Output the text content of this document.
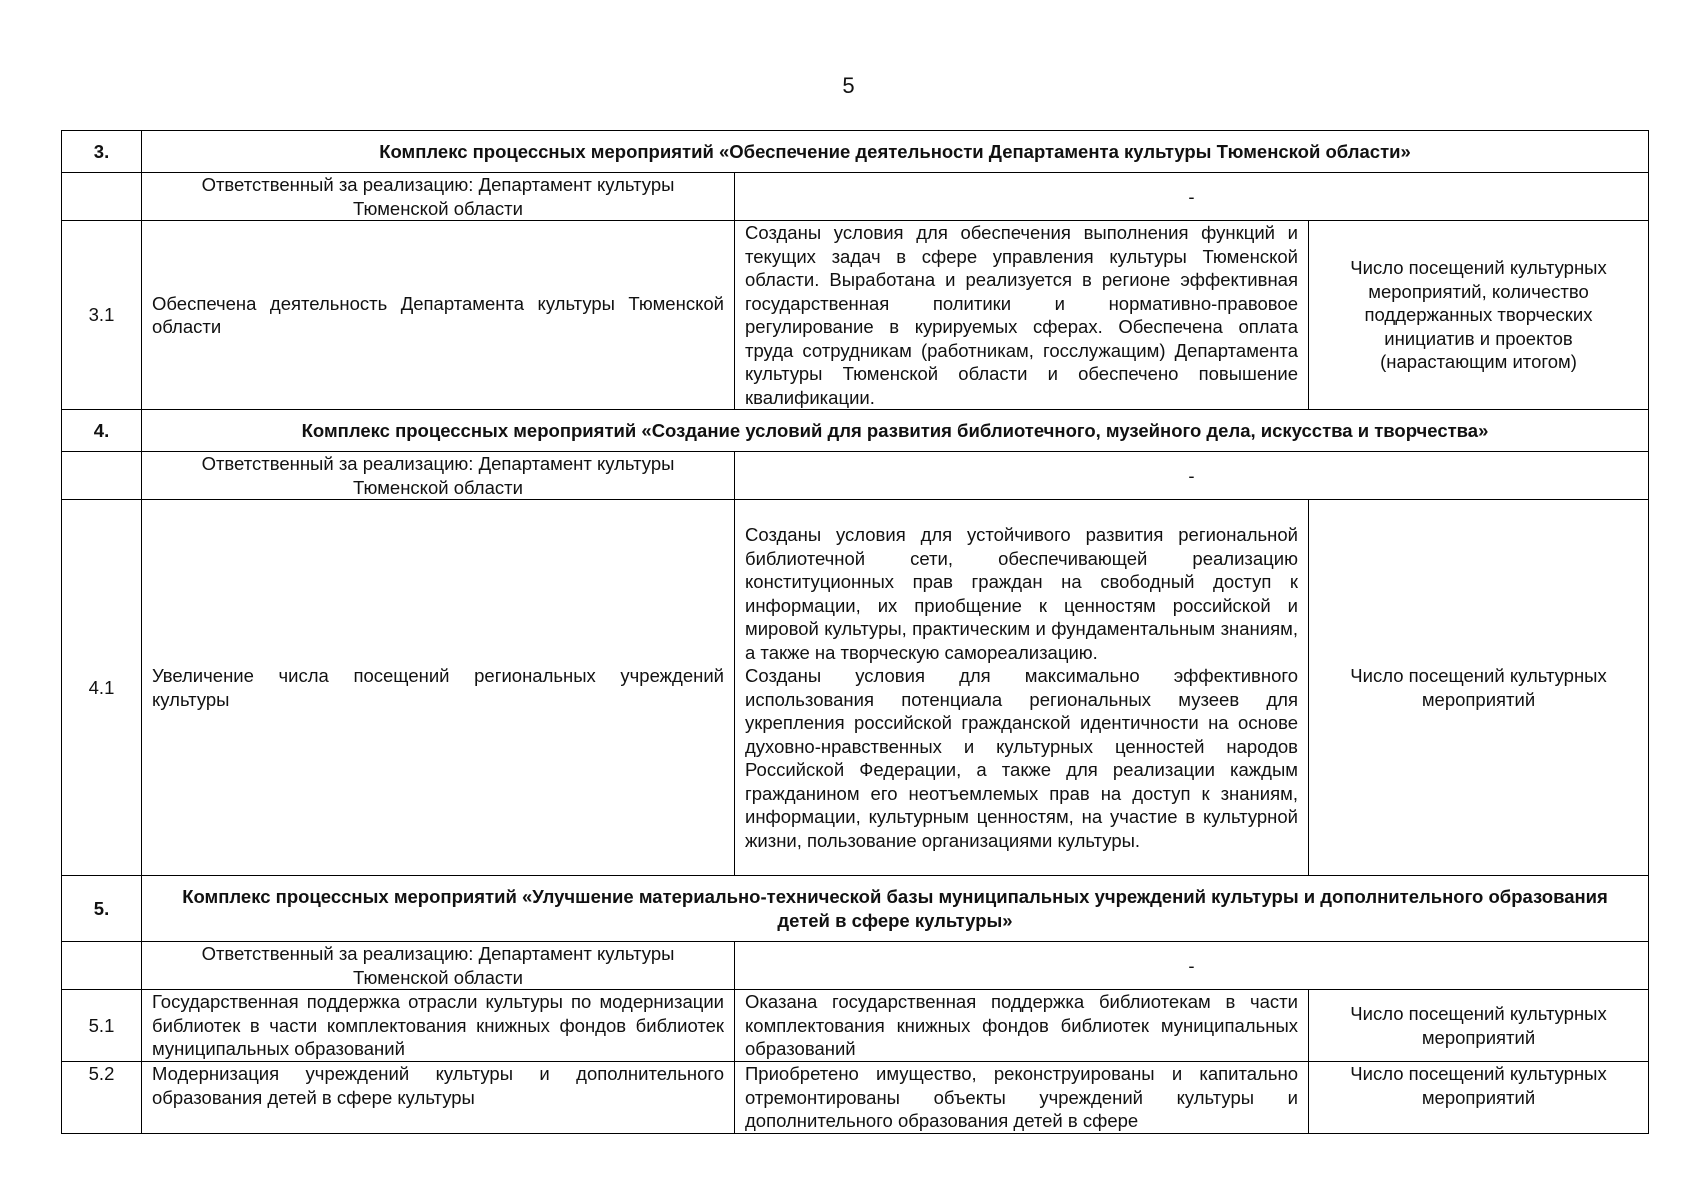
5
3.	Комплекс процессных мероприятий «Обеспечение деятельности Департамента культуры Тюменской области»		
	Ответственный за реализацию: Департамент культуры Тюменской области	-	
3.1	Обеспечена деятельность Департамента культуры Тюменской области	Созданы условия для обеспечения выполнения функций и текущих задач в сфере управления культуры Тюменской области. Выработана и реализуется в регионе эффективная государственная политики и нормативно-правовое регулирование в курируемых сферах. Обеспечена оплата труда сотрудникам (работникам, госслужащим) Департамента культуры Тюменской области и обеспечено повышение квалификации.	Число посещений культурных мероприятий, количество поддержанных творческих инициатив и проектов (нарастающим итогом)
4.	Комплекс процессных мероприятий «Создание условий для развития библиотечного, музейного дела, искусства и творчества»		
	Ответственный за реализацию: Департамент культуры Тюменской области	-	
4.1	Увеличение числа посещений региональных учреждений культуры	Созданы условия для устойчивого развития региональной библиотечной сети, обеспечивающей реализацию конституционных прав граждан на свободный доступ к информации, их приобщение к ценностям российской и мировой культуры, практическим и фундаментальным знаниям, а также на творческую самореализацию.
Созданы условия для максимально эффективного использования потенциала региональных музеев для укрепления российской гражданской идентичности на основе духовно-нравственных и культурных ценностей народов Российской Федерации, а также для реализации каждым гражданином его неотъемлемых прав на доступ к знаниям, информации, культурным ценностям, на участие в культурной жизни, пользование организациями культуры.	Число посещений культурных мероприятий
5.	Комплекс процессных мероприятий «Улучшение материально-технической базы муниципальных учреждений культуры и дополнительного образования детей в сфере культуры»		
	Ответственный за реализацию: Департамент культуры Тюменской области	-	
5.1	Государственная поддержка отрасли культуры по модернизации библиотек в части комплектования книжных фондов библиотек муниципальных образований	Оказана государственная поддержка библиотекам в части комплектования книжных фондов библиотек муниципальных образований	Число посещений культурных мероприятий
5.2	Модернизация учреждений культуры и дополнительного образования детей в сфере культуры	Приобретено имущество, реконструированы и капитально отремонтированы объекты учреждений культуры и дополнительного образования детей в сфере	Число посещений культурных мероприятий
